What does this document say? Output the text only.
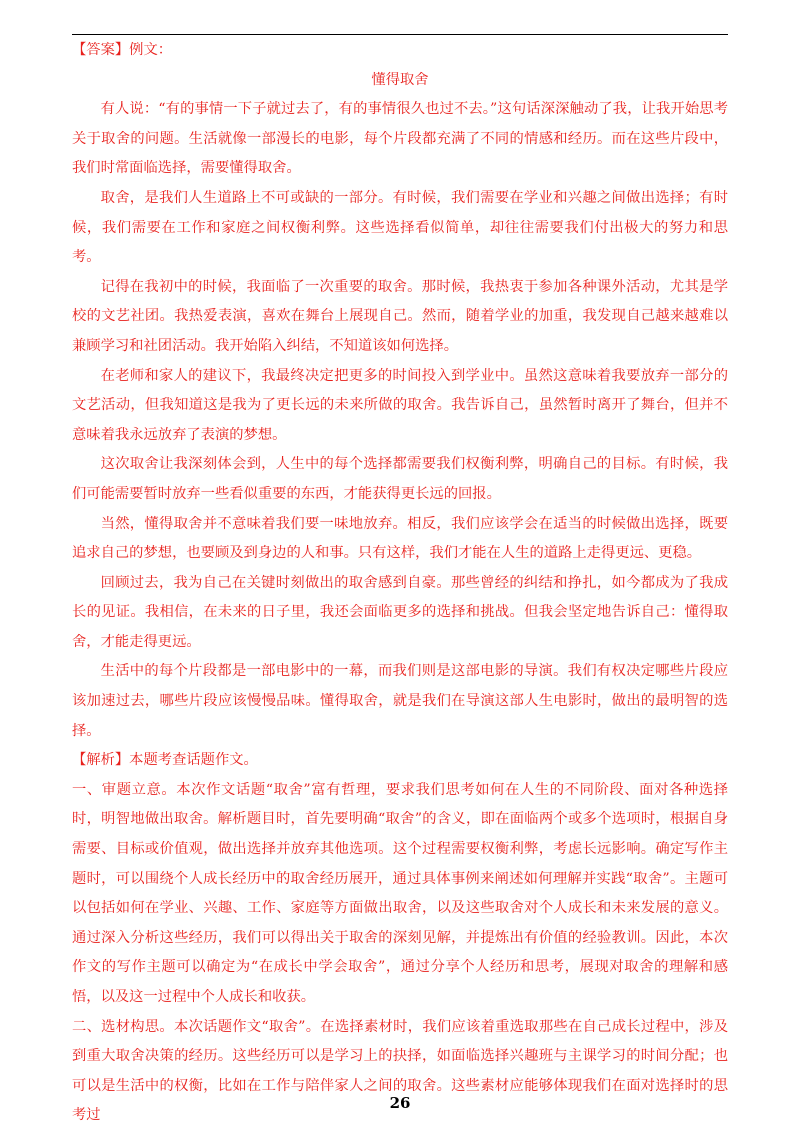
【答案】例文：

懂得取舍

有人说：“有的事情一下子就过去了，有的事情很久也过不去。”这句话深深触动了我，让我开始思考关于取舍的问题。生活就像一部漫长的电影，每个片段都充满了不同的情感和经历。而在这些片段中，我们时常面临选择，需要懂得取舍。

取舍，是我们人生道路上不可或缺的一部分。有时候，我们需要在学业和兴趣之间做出选择；有时候，我们需要在工作和家庭之间权衡利弊。这些选择看似简单，却往往需要我们付出极大的努力和思考。

记得在我初中的时候，我面临了一次重要的取舍。那时候，我热衷于参加各种课外活动，尤其是学校的文艺社团。我热爱表演，喜欢在舞台上展现自己。然而，随着学业的加重，我发现自己越来越难以兼顾学习和社团活动。我开始陷入纠结，不知道该如何选择。

在老师和家人的建议下，我最终决定把更多的时间投入到学业中。虽然这意味着我要放弃一部分的文艺活动，但我知道这是我为了更长远的未来所做的取舍。我告诉自己，虽然暂时离开了舞台，但并不意味着我永远放弃了表演的梦想。

这次取舍让我深刻体会到，人生中的每个选择都需要我们权衡利弊，明确自己的目标。有时候，我们可能需要暂时放弃一些看似重要的东西，才能获得更长远的回报。

当然，懂得取舍并不意味着我们要一味地放弃。相反，我们应该学会在适当的时候做出选择，既要追求自己的梦想，也要顾及到身边的人和事。只有这样，我们才能在人生的道路上走得更远、更稳。

回顾过去，我为自己在关键时刻做出的取舍感到自豪。那些曾经的纠结和挣扎，如今都成为了我成长的见证。我相信，在未来的日子里，我还会面临更多的选择和挑战。但我会坚定地告诉自己：懂得取舍，才能走得更远。

生活中的每个片段都是一部电影中的一幕，而我们则是这部电影的导演。我们有权决定哪些片段应该加速过去，哪些片段应该慢慢品味。懂得取舍，就是我们在导演这部人生电影时，做出的最明智的选择。

【解析】本题考查话题作文。

一、审题立意。本次作文话题“取舍”富有哲理，要求我们思考如何在人生的不同阶段、面对各种选择时，明智地做出取舍。解析题目时，首先要明确“取舍”的含义，即在面临两个或多个选项时，根据自身需要、目标或价值观，做出选择并放弃其他选项。这个过程需要权衡利弊，考虑长远影响。确定写作主题时，可以围绕个人成长经历中的取舍经历展开，通过具体事例来阐述如何理解并实践“取舍”。主题可以包括如何在学业、兴趣、工作、家庭等方面做出取舍，以及这些取舍对个人成长和未来发展的意义。通过深入分析这些经历，我们可以得出关于取舍的深刻见解，并提炼出有价值的经验教训。因此，本次作文的写作主题可以确定为“在成长中学会取舍”，通过分享个人经历和思考，展现对取舍的理解和感悟，以及这一过程中个人成长和收获。

二、选材构思。本次话题作文“取舍”。在选择素材时，我们应该着重选取那些在自己成长过程中，涉及到重大取舍决策的经历。这些经历可以是学习上的抉择，如面临选择兴趣班与主课学习的时间分配；也可以是生活中的权衡，比如在工作与陪伴家人之间的取舍。这些素材应能够体现我们在面对选择时的思考过

26
